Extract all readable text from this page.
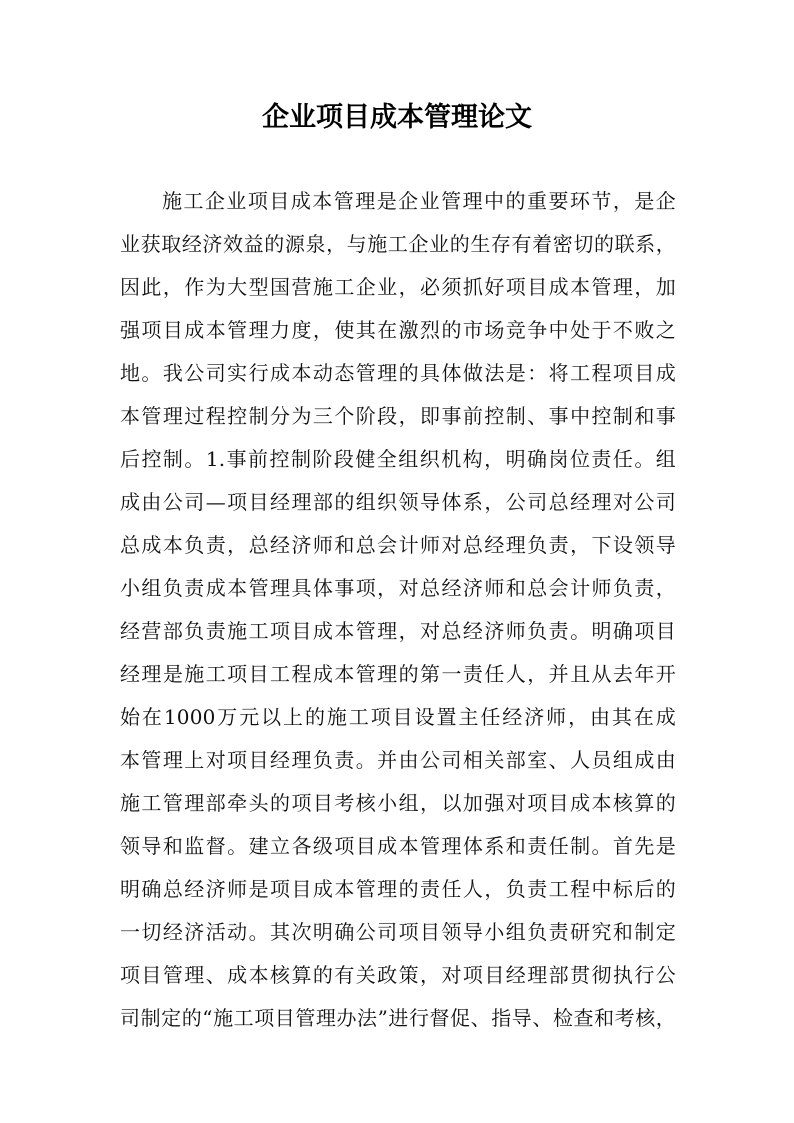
企业项目成本管理论文
施工企业项目成本管理是企业管理中的重要环节，是企
业获取经济效益的源泉，与施工企业的生存有着密切的联系，
因此，作为大型国营施工企业，必须抓好项目成本管理，加
强项目成本管理力度，使其在激烈的市场竞争中处于不败之
地。我公司实行成本动态管理的具体做法是：将工程项目成
本管理过程控制分为三个阶段，即事前控制、事中控制和事
后控制。1.事前控制阶段健全组织机构，明确岗位责任。组
成由公司—项目经理部的组织领导体系，公司总经理对公司
总成本负责，总经济师和总会计师对总经理负责，下设领导
小组负责成本管理具体事项，对总经济师和总会计师负责，
经营部负责施工项目成本管理，对总经济师负责。明确项目
经理是施工项目工程成本管理的第一责任人，并且从去年开
始在1000万元以上的施工项目设置主任经济师，由其在成
本管理上对项目经理负责。并由公司相关部室、人员组成由
施工管理部牵头的项目考核小组，以加强对项目成本核算的
领导和监督。建立各级项目成本管理体系和责任制。首先是
明确总经济师是项目成本管理的责任人，负责工程中标后的
一切经济活动。其次明确公司项目领导小组负责研究和制定
项目管理、成本核算的有关政策，对项目经理部贯彻执行公
司制定的“施工项目管理办法”进行督促、指导、检查和考核，
